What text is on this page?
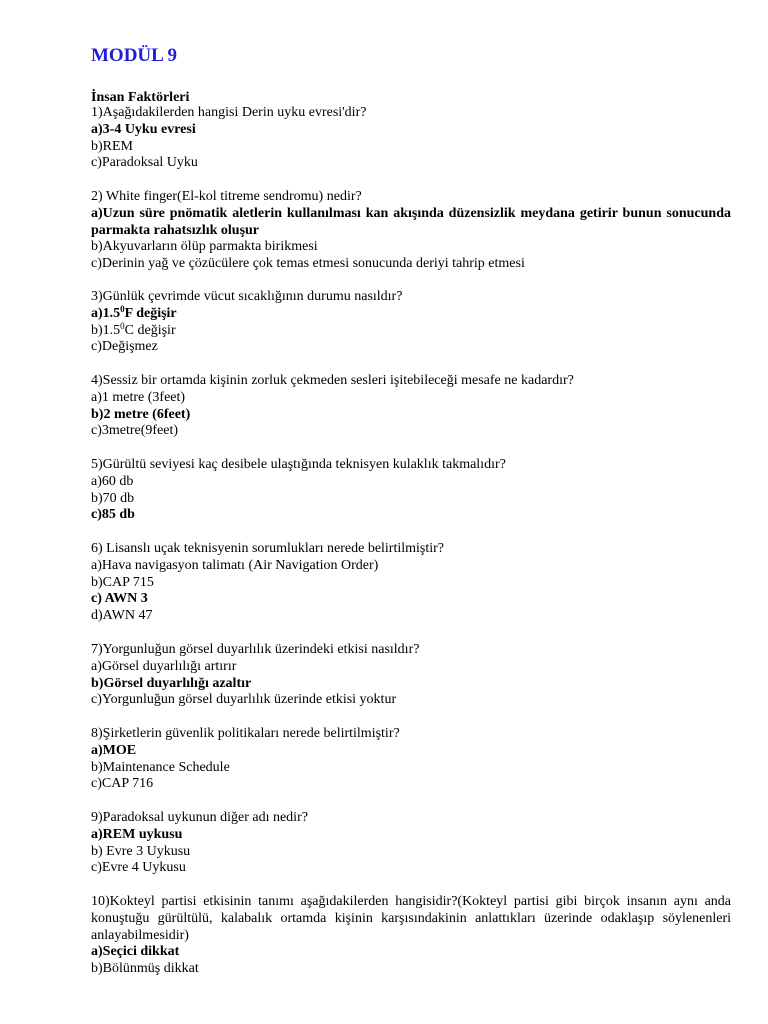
MODÜL 9
İnsan Faktörleri
1)Aşağıdakilerden hangisi Derin uyku evresi'dir?
a)3-4 Uyku evresi
b)REM
c)Paradoksal Uyku
2) White finger(El-kol titreme sendromu) nedir?
a)Uzun süre pnömatik aletlerin kullanılması kan akışında düzensizlik meydana getirir bunun sonucunda parmakta rahatsızlık oluşur
b)Akyuvarların ölüp parmakta birikmesi
c)Derinin yağ ve çözücülere çok temas etmesi sonucunda deriyi tahrip etmesi
3)Günlük çevrimde vücut sıcaklığının durumu nasıldır?
$a)1.5^0F$ değişir
$b)1.5^0C$ değişir
c)Değişmez
4)Sessiz bir ortamda kişinin zorluk çekmeden sesleri işitebileceği mesafe ne kadardır?
a)1 metre (3feet)
b)2 metre (6feet)
c)3metre(9feet)
5)Gürültü seviyesi kaç desibele ulaştığında teknisyen kulaklık takmalıdır?
a)60 db
b)70 db
c)85 db
6) Lisanslı uçak teknisyenin sorumlukları nerede belirtilmiştir?
a)Hava navigasyon talimatı (Air Navigation Order)
b)CAP 715
c) AWN 3
d)AWN 47
7)Yorgunluğun görsel duyarlılık üzerindeki etkisi nasıldır?
a)Görsel duyarlılığı artırır
b)Görsel duyarlılığı azaltır
c)Yorgunluğun görsel duyarlılık üzerinde etkisi yoktur
8)Şirketlerin güvenlik politikaları nerede belirtilmiştir?
a)MOE
b)Maintenance Schedule
c)CAP 716
9)Paradoksal uykunun diğer adı nedir?
a)REM uykusu
b) Evre 3 Uykusu
c)Evre 4 Uykusu
10)Kokteyl partisi etkisinin tanımı aşağıdakilerden hangisidir?(Kokteyl partisi gibi birçok insanın aynı anda konuştuğu gürültülü, kalabalık ortamda kişinin karşısındakinin anlattıkları üzerinde odaklaşıp söylenenleri anlayabilmesidir)
a)Seçici dikkat
b)Bölünmüş dikkat
